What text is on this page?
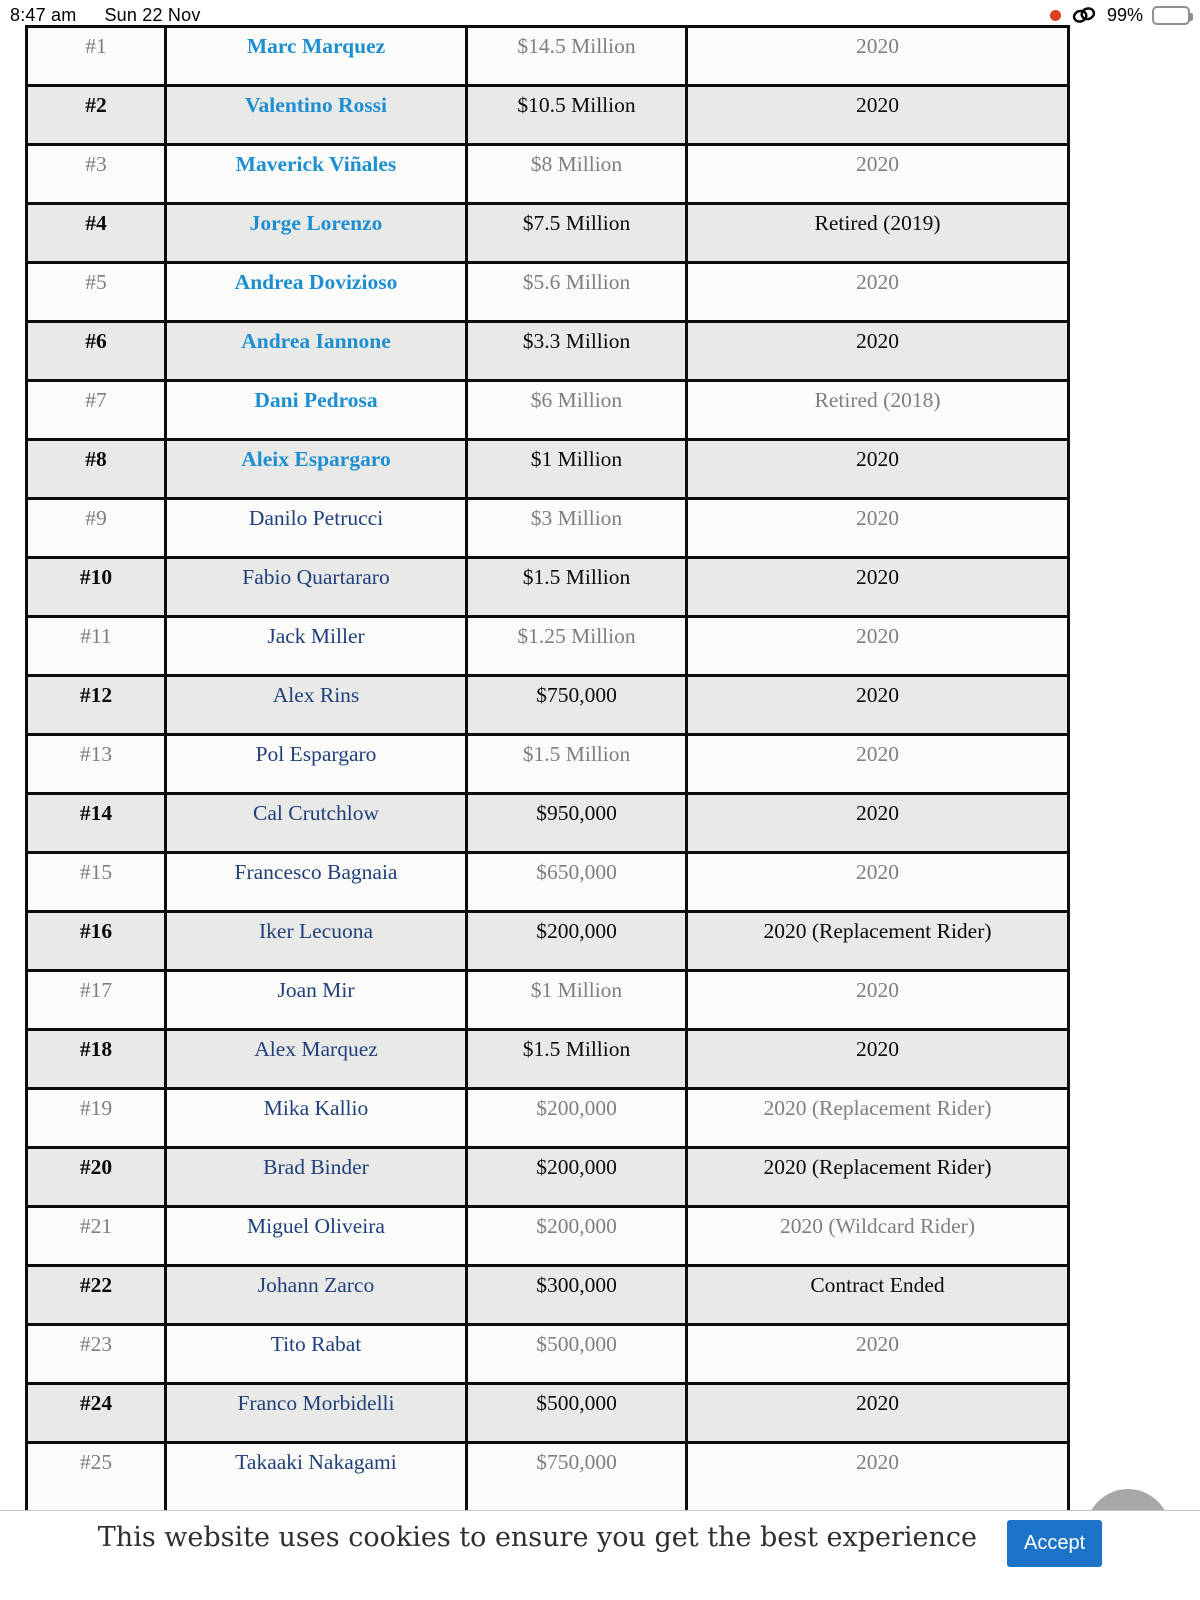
8:47 am Sun 22 Nov	99%
#1	Marc Marquez	$14.5 Million	2020
#2	Valentino Rossi	$10.5 Million	2020
#3	Maverick Viñales	$8 Million	2020
#4	Jorge Lorenzo	$7.5 Million	Retired (2019)
#5	Andrea Dovizioso	$5.6 Million	2020
#6	Andrea Iannone	$3.3 Million	2020
#7	Dani Pedrosa	$6 Million	Retired (2018)
#8	Aleix Espargaro	$1 Million	2020
#9	Danilo Petrucci	$3 Million	2020
#10	Fabio Quartararo	$1.5 Million	2020
#11	Jack Miller	$1.25 Million	2020
#12	Alex Rins	$750,000	2020
#13	Pol Espargaro	$1.5 Million	2020
#14	Cal Crutchlow	$950,000	2020
#15	Francesco Bagnaia	$650,000	2020
#16	Iker Lecuona	$200,000	2020 (Replacement Rider)
#17	Joan Mir	$1 Million	2020
#18	Alex Marquez	$1.5 Million	2020
#19	Mika Kallio	$200,000	2020 (Replacement Rider)
#20	Brad Binder	$200,000	2020 (Replacement Rider)
#21	Miguel Oliveira	$200,000	2020 (Wildcard Rider)
#22	Johann Zarco	$300,000	Contract Ended
#23	Tito Rabat	$500,000	2020
#24	Franco Morbidelli	$500,000	2020
#25	Takaaki Nakagami	$750,000	2020
This website uses cookies to ensure you get the best experience	Accept
